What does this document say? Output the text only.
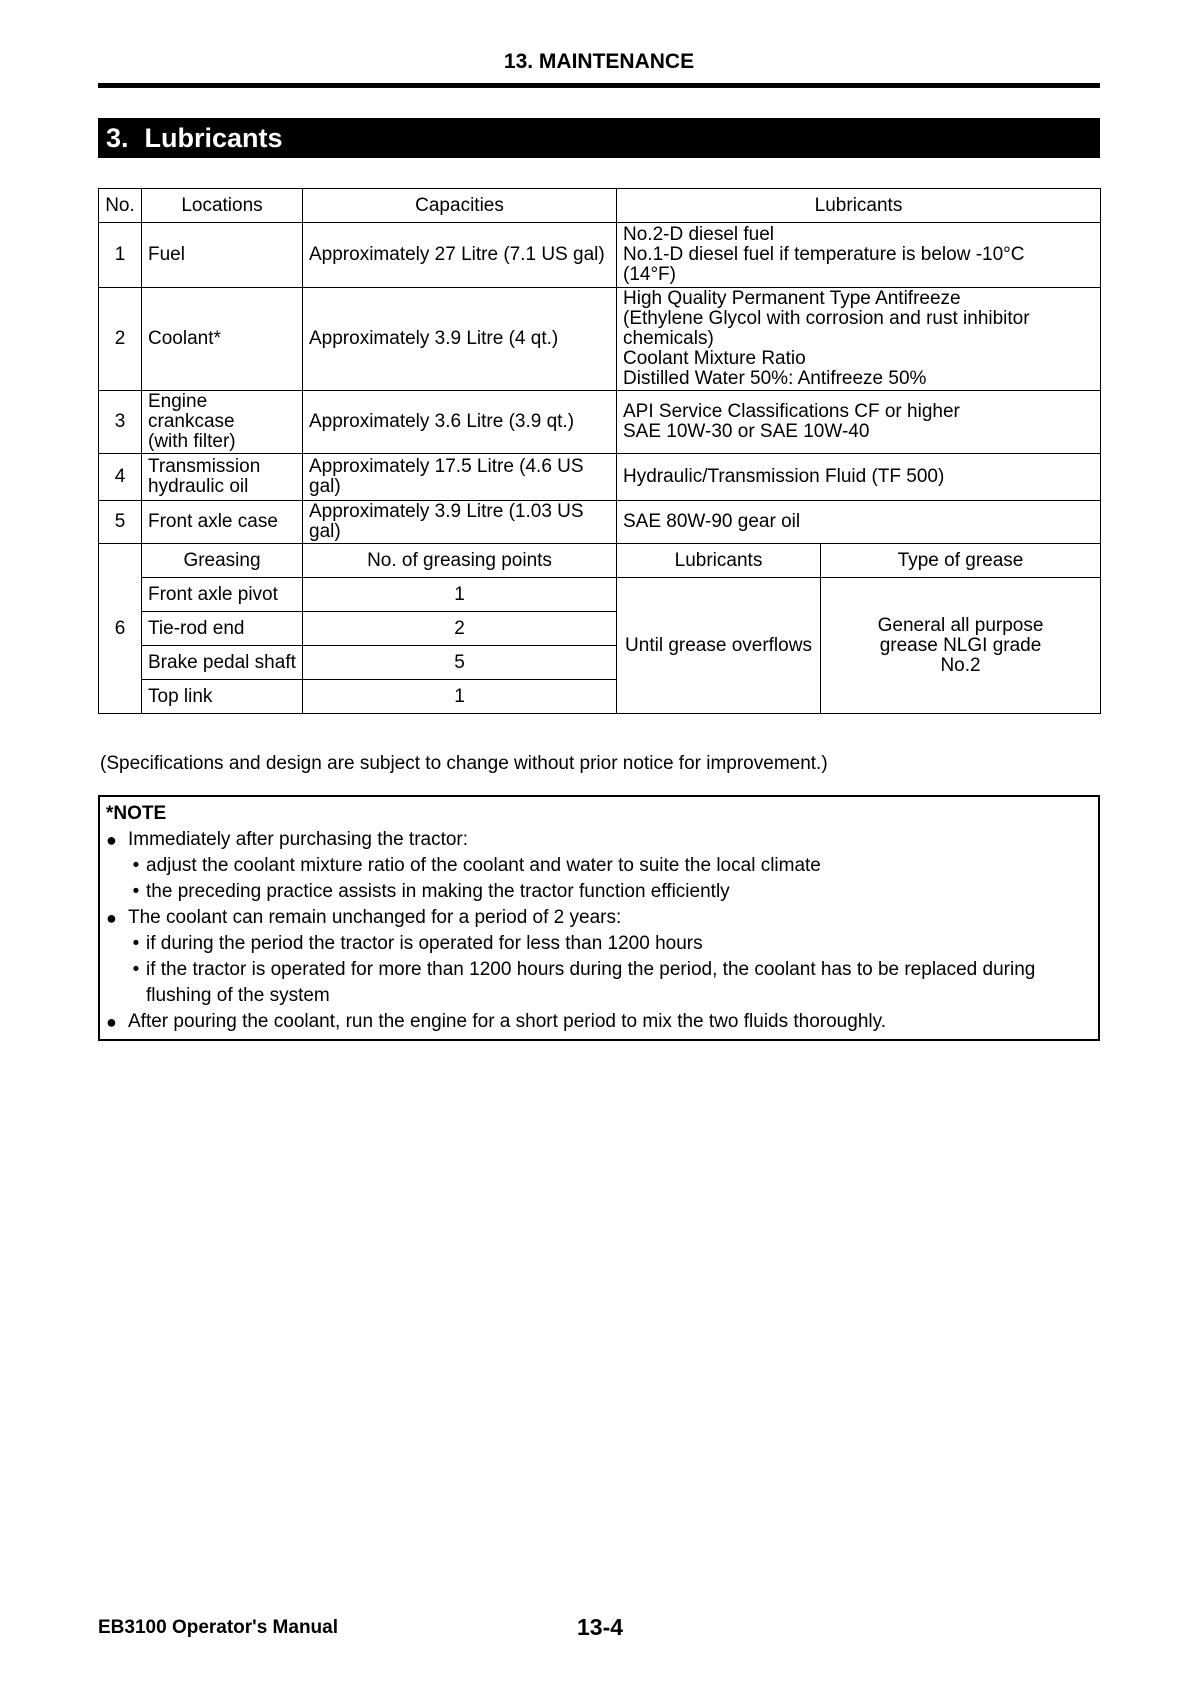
13. MAINTENANCE
3. Lubricants
No.	Locations	Capacities	Lubricants	
1	Fuel	Approximately 27 Litre (7.1 US gal)	No.2-D diesel fuel
No.1-D diesel fuel if temperature is below -10°C
(14°F)	
2	Coolant*	Approximately 3.9 Litre (4 qt.)	High Quality Permanent Type Antifreeze
(Ethylene Glycol with corrosion and rust inhibitor
chemicals)
Coolant Mixture Ratio
Distilled Water 50%: Antifreeze 50%	
3	Engine crankcase
(with filter)	Approximately 3.6 Litre (3.9 qt.)	API Service Classifications CF or higher
SAE 10W-30 or SAE 10W-40	
4	Transmission
hydraulic oil	Approximately 17.5 Litre (4.6 US gal)	Hydraulic/Transmission Fluid (TF 500)	
5	Front axle case	Approximately 3.9 Litre (1.03 US gal)	SAE 80W-90 gear oil	
6	Greasing	No. of greasing points	Lubricants	Type of grease
	Front axle pivot	1	Until grease overflows	General all purpose
grease NLGI grade
No.2
	Tie-rod end	2		
	Brake pedal shaft	5		
	Top link	1		
(Specifications and design are subject to change without prior notice for improvement.)
*NOTE
● Immediately after purchasing the tractor:
• adjust the coolant mixture ratio of the coolant and water to suite the local climate
• the preceding practice assists in making the tractor function efficiently
● The coolant can remain unchanged for a period of 2 years:
• if during the period the tractor is operated for less than 1200 hours
• if the tractor is operated for more than 1200 hours during the period, the coolant has to be replaced during flushing of the system
● After pouring the coolant, run the engine for a short period to mix the two fluids thoroughly.
EB3100 Operator's Manual	13-4
